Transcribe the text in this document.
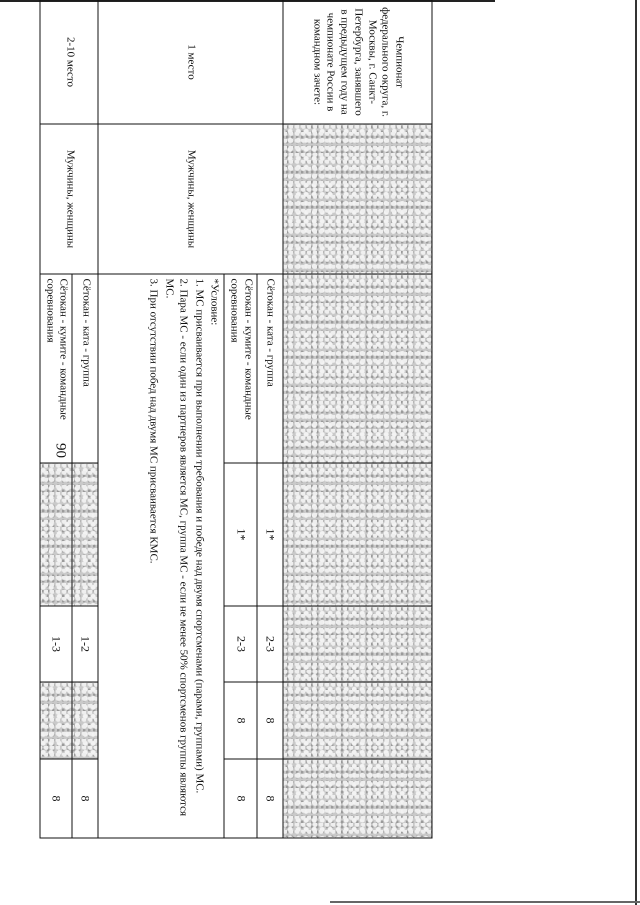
90
Чемпионат федерального округа, г. Москвы, г. Санкт-Петербурга, занявшего в предыдущем году на чемпионате России в командном зачете:						
1 место	Мужчины, женщины	Сётокан - ката - группа	1*	2-3	8	8
		Сётокан - кумите - командные соревнования	1*	2-3	8	8

		*Условие:

1. МС присваивается при выполнении требования и победе над двумя спортсменами (парами, группами) МС.

2. Пара МС - если один из партнеров является МС, группа МС - если не менее 50% спортсменов группы являются МС.

3. При отсутствии побед над двумя МС присваивается КМС.				

2-10 место	Мужчины, женщины	Сётокан - ката - группа		1-2		8
		Сётокан - кумите - командные соревнования		1-3		8
